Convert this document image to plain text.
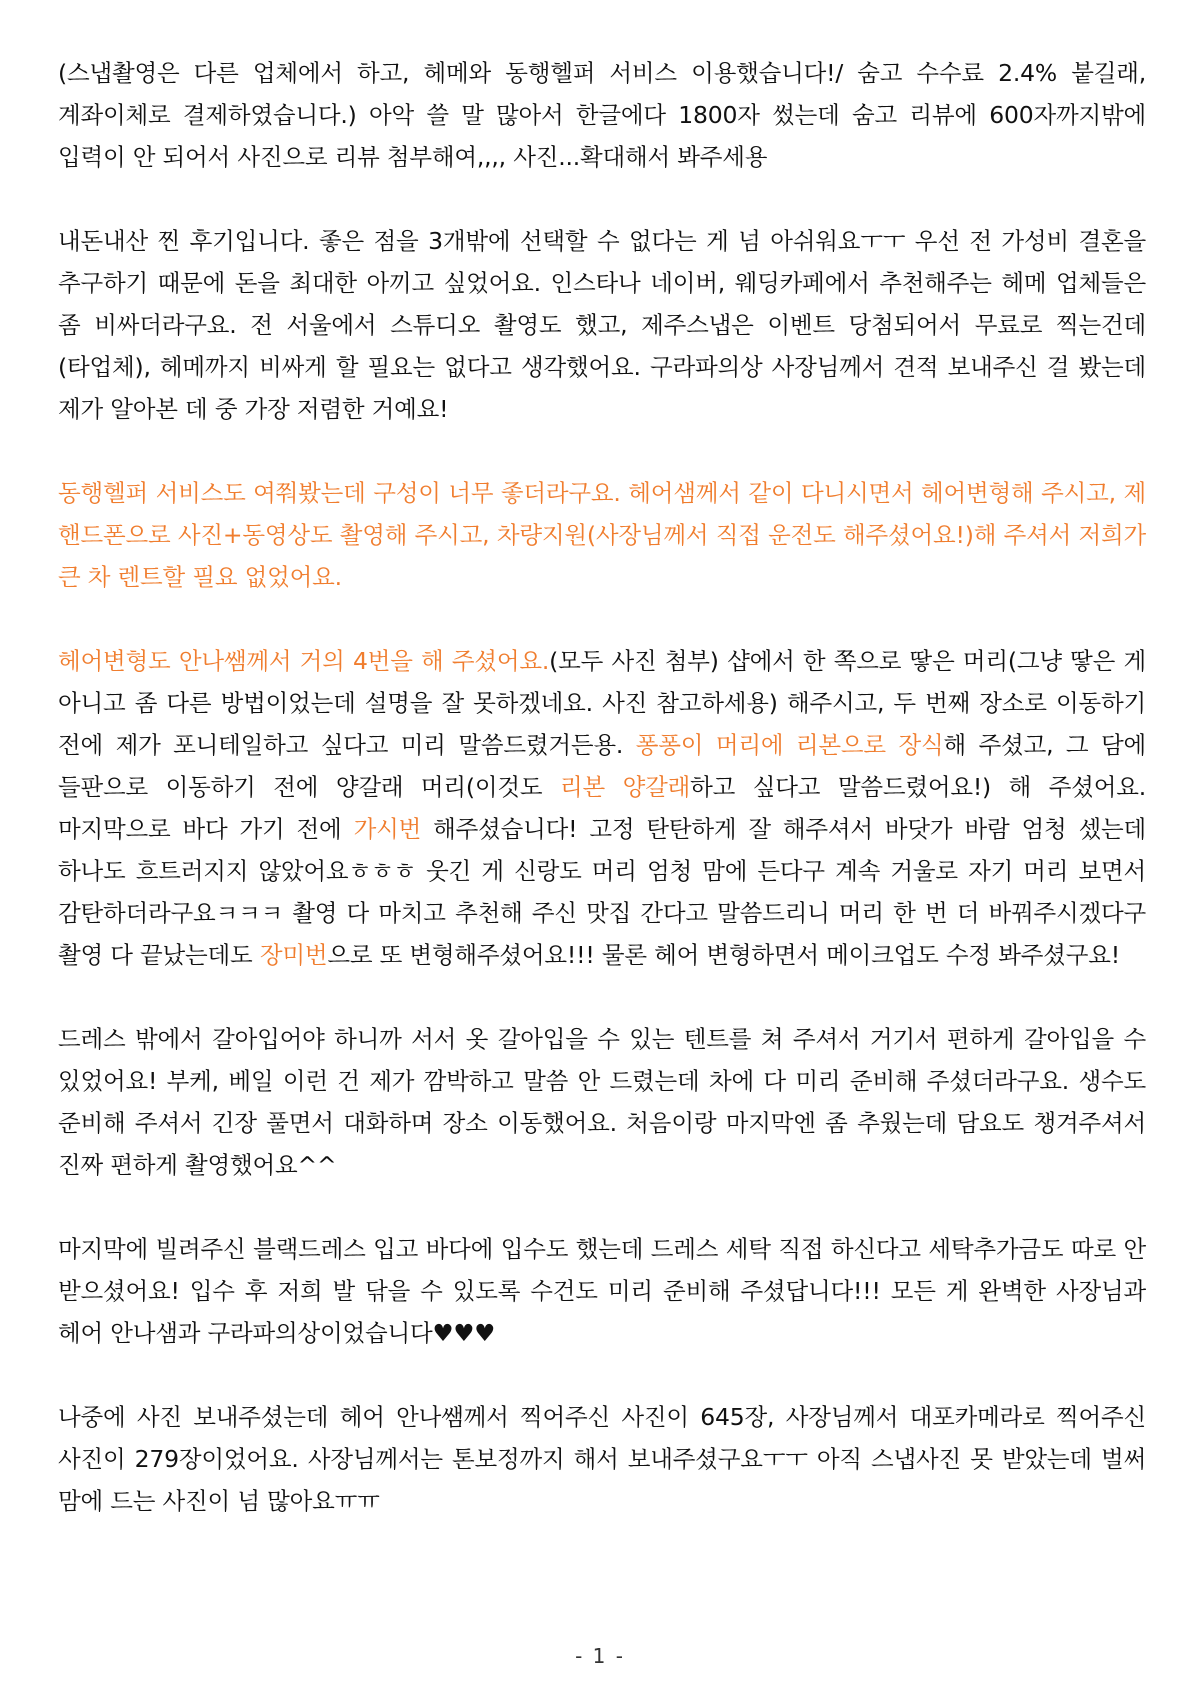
(스냅촬영은 다른 업체에서 하고, 헤메와 동행헬퍼 서비스 이용했습니다!/ 숨고 수수료 2.4% 붙길래, 계좌이체로 결제하였습니다.) 아악 쓸 말 많아서 한글에다 1800자 썼는데 숨고 리뷰에 600자까지밖에 입력이 안 되어서 사진으로 리뷰 첨부해여,,,, 사진...확대해서 봐주세용

내돈내산 찐 후기입니다. 좋은 점을 3개밖에 선택할 수 없다는 게 넘 아쉬워요ㅜㅜ 우선 전 가성비 결혼을 추구하기 때문에 돈을 최대한 아끼고 싶었어요. 인스타나 네이버, 웨딩카페에서 추천해주는 헤메 업체들은 좀 비싸더라구요. 전 서울에서 스튜디오 촬영도 했고, 제주스냅은 이벤트 당첨되어서 무료로 찍는건데(타업체), 헤메까지 비싸게 할 필요는 없다고 생각했어요. 구라파의상 사장님께서 견적 보내주신 걸 봤는데 제가 알아본 데 중 가장 저렴한 거예요!

동행헬퍼 서비스도 여쭤봤는데 구성이 너무 좋더라구요. 헤어샘께서 같이 다니시면서 헤어변형해 주시고, 제 핸드폰으로 사진+동영상도 촬영해 주시고, 차량지원(사장님께서 직접 운전도 해주셨어요!)해 주셔서 저희가 큰 차 렌트할 필요 없었어요.

헤어변형도 안나쌤께서 거의 4번을 해 주셨어요.(모두 사진 첨부) 샵에서 한 쪽으로 땋은 머리(그냥 땋은 게 아니고 좀 다른 방법이었는데 설명을 잘 못하겠네요. 사진 참고하세용) 해주시고, 두 번째 장소로 이동하기 전에 제가 포니테일하고 싶다고 미리 말씀드렸거든용. 퐁퐁이 머리에 리본으로 장식해 주셨고, 그 담에 들판으로 이동하기 전에 양갈래 머리(이것도 리본 양갈래하고 싶다고 말씀드렸어요!) 해 주셨어요. 마지막으로 바다 가기 전에 가시번 해주셨습니다! 고정 탄탄하게 잘 해주셔서 바닷가 바람 엄청 셌는데 하나도 흐트러지지 않았어요ㅎㅎㅎ 웃긴 게 신랑도 머리 엄청 맘에 든다구 계속 거울로 자기 머리 보면서 감탄하더라구요ㅋㅋㅋ 촬영 다 마치고 추천해 주신 맛집 간다고 말씀드리니 머리 한 번 더 바꿔주시겠다구 촬영 다 끝났는데도 장미번으로 또 변형해주셨어요!!! 물론 헤어 변형하면서 메이크업도 수정 봐주셨구요!

드레스 밖에서 갈아입어야 하니까 서서 옷 갈아입을 수 있는 텐트를 쳐 주셔서 거기서 편하게 갈아입을 수 있었어요! 부케, 베일 이런 건 제가 깜박하고 말씀 안 드렸는데 차에 다 미리 준비해 주셨더라구요. 생수도 준비해 주셔서 긴장 풀면서 대화하며 장소 이동했어요. 처음이랑 마지막엔 좀 추웠는데 담요도 챙겨주셔서 진짜 편하게 촬영했어요^^

마지막에 빌려주신 블랙드레스 입고 바다에 입수도 했는데 드레스 세탁 직접 하신다고 세탁추가금도 따로 안 받으셨어요! 입수 후 저희 발 닦을 수 있도록 수건도 미리 준비해 주셨답니다!!! 모든 게 완벽한 사장님과 헤어 안나샘과 구라파의상이었습니다♥♥♥

나중에 사진 보내주셨는데 헤어 안나쌤께서 찍어주신 사진이 645장, 사장님께서 대포카메라로 찍어주신 사진이 279장이었어요. 사장님께서는 톤보정까지 해서 보내주셨구요ㅜㅜ 아직 스냅사진 못 받았는데 벌써 맘에 드는 사진이 넘 많아요ㅠㅠ

- 1 -
